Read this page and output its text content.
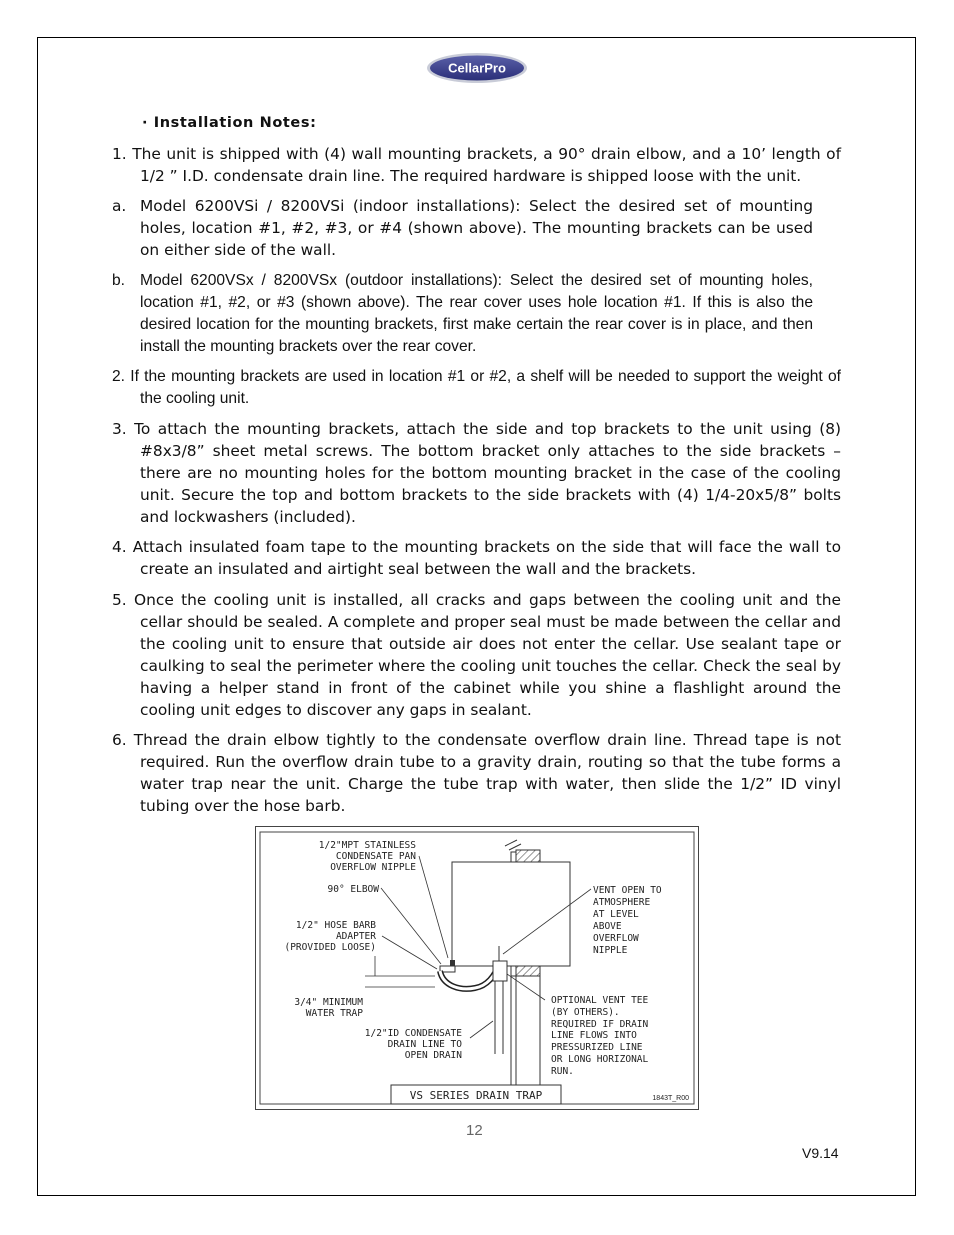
CellarPro
· Installation Notes:
1. The unit is shipped with (4) wall mounting brackets, a 90° drain elbow, and a 10’ length of 1/2 ” I.D. condensate drain line. The required hardware is shipped loose with the unit.
a. Model 6200VSi / 8200VSi (indoor installations): Select the desired set of mounting holes, location #1, #2, #3, or #4 (shown above). The mounting brackets can be used on either side of the wall.
b. Model 6200VSx / 8200VSx (outdoor installations): Select the desired set of mounting holes, location #1, #2, or #3 (shown above). The rear cover uses hole location #1. If this is also the desired location for the mounting brackets, first make certain the rear cover is in place, and then install the mounting brackets over the rear cover.
2. If the mounting brackets are used in location #1 or #2, a shelf will be needed to support the weight of the cooling unit.
3. To attach the mounting brackets, attach the side and top brackets to the unit using (8) #8x3/8” sheet metal screws. The bottom bracket only attaches to the side brackets – there are no mounting holes for the bottom mounting bracket in the case of the cooling unit. Secure the top and bottom brackets to the side brackets with (4) 1/4-20x5/8” bolts and lockwashers (included).
4. Attach insulated foam tape to the mounting brackets on the side that will face the wall to create an insulated and airtight seal between the wall and the brackets.
5. Once the cooling unit is installed, all cracks and gaps between the cooling unit and the cellar should be sealed. A complete and proper seal must be made between the cellar and the cooling unit to ensure that outside air does not enter the cellar. Use sealant tape or caulking to seal the perimeter where the cooling unit touches the cellar. Check the seal by having a helper stand in front of the cabinet while you shine a flashlight around the cooling unit edges to discover any gaps in sealant.
6. Thread the drain elbow tightly to the condensate overflow drain line. Thread tape is not required. Run the overflow drain tube to a gravity drain, routing so that the tube forms a water trap near the unit. Charge the tube trap with water, then slide the 1/2” ID vinyl tubing over the hose barb.
1/2"MPT STAINLESS
CONDENSATE PAN
OVERFLOW NIPPLE
90° ELBOW
1/2" HOSE BARB
ADAPTER
(PROVIDED LOOSE)
3/4" MINIMUM
WATER TRAP
1/2"ID CONDENSATE
DRAIN LINE TO
OPEN DRAIN
VENT OPEN TO
ATMOSPHERE
AT LEVEL
ABOVE
OVERFLOW
NIPPLE
OPTIONAL VENT TEE
(BY OTHERS).
REQUIRED IF DRAIN
LINE FLOWS INTO
PRESSURIZED LINE
OR LONG HORIZONAL
RUN.
VS SERIES DRAIN TRAP	1843T_R00
12
V9.14
